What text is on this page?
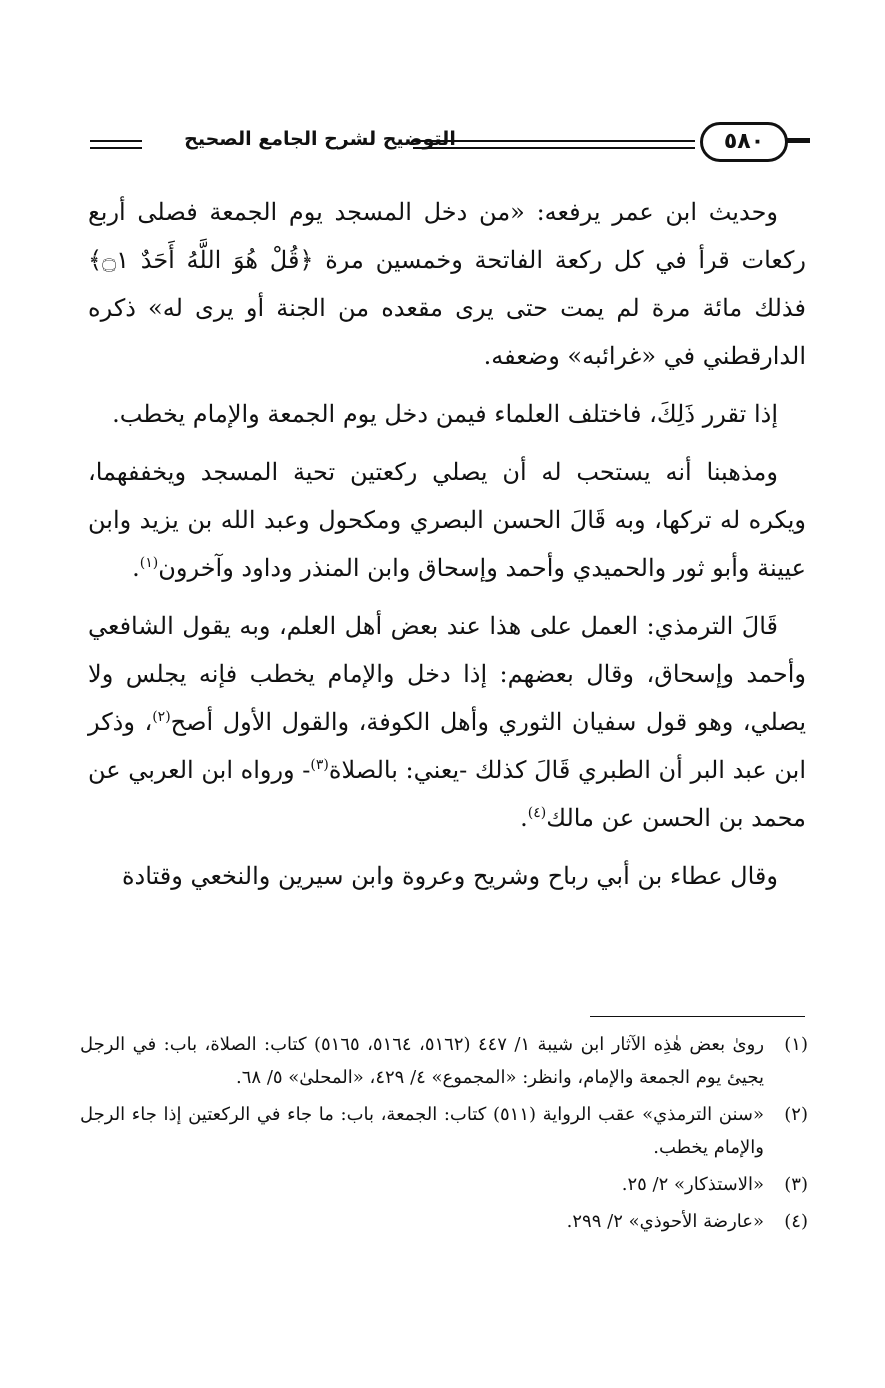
التوضيح لشرح الجامع الصحيح	٥٨٠

وحديث ابن عمر يرفعه: «من دخل المسجد يوم الجمعة فصلى أربع ركعات قرأ في كل ركعة الفاتحة وخمسين مرة ﴿قُلْ هُوَ اللَّهُ أَحَدٌ ۝١﴾ فذلك مائة مرة لم يمت حتى يرى مقعده من الجنة أو يرى له» ذكره الدارقطني في «غرائبه» وضعفه.

إذا تقرر ذَلِكَ، فاختلف العلماء فيمن دخل يوم الجمعة والإمام يخطب.

ومذهبنا أنه يستحب له أن يصلي ركعتين تحية المسجد ويخففهما، ويكره له تركها، وبه قَالَ الحسن البصري ومكحول وعبد الله بن يزيد وابن عيينة وأبو ثور والحميدي وأحمد وإسحاق وابن المنذر وداود وآخرون$^{(١)}$.

قَالَ الترمذي: العمل على هذا عند بعض أهل العلم، وبه يقول الشافعي وأحمد وإسحاق، وقال بعضهم: إذا دخل والإمام يخطب فإنه يجلس ولا يصلي، وهو قول سفيان الثوري وأهل الكوفة، والقول الأول أصح$^{(٢)}$، وذكر ابن عبد البر أن الطبري قَالَ كذلك -يعني: بالصلاة$^{(٣)}$- ورواه ابن العربي عن محمد بن الحسن عن مالك$^{(٤)}$.

وقال عطاء بن أبي رباح وشريح وعروة وابن سيرين والنخعي وقتادة

(١)
رویٰ بعض هٰذِه الآثار ابن شيبة ١/ ٤٤٧ (٥١٦٢، ٥١٦٤، ٥١٦٥) كتاب: الصلاة، باب: في الرجل يجيئ يوم الجمعة والإمام، وانظر: «المجموع» ٤/ ٤٢٩، «المحلیٰ» ٥/ ٦٨.
(٢)
«سنن الترمذي» عقب الرواية (٥١١) كتاب: الجمعة، باب: ما جاء في الركعتين إذا جاء الرجل والإمام يخطب.
(٣)
«الاستذكار» ٢/ ٢٥.
(٤)
«عارضة الأحوذي» ٢/ ٢٩٩.
